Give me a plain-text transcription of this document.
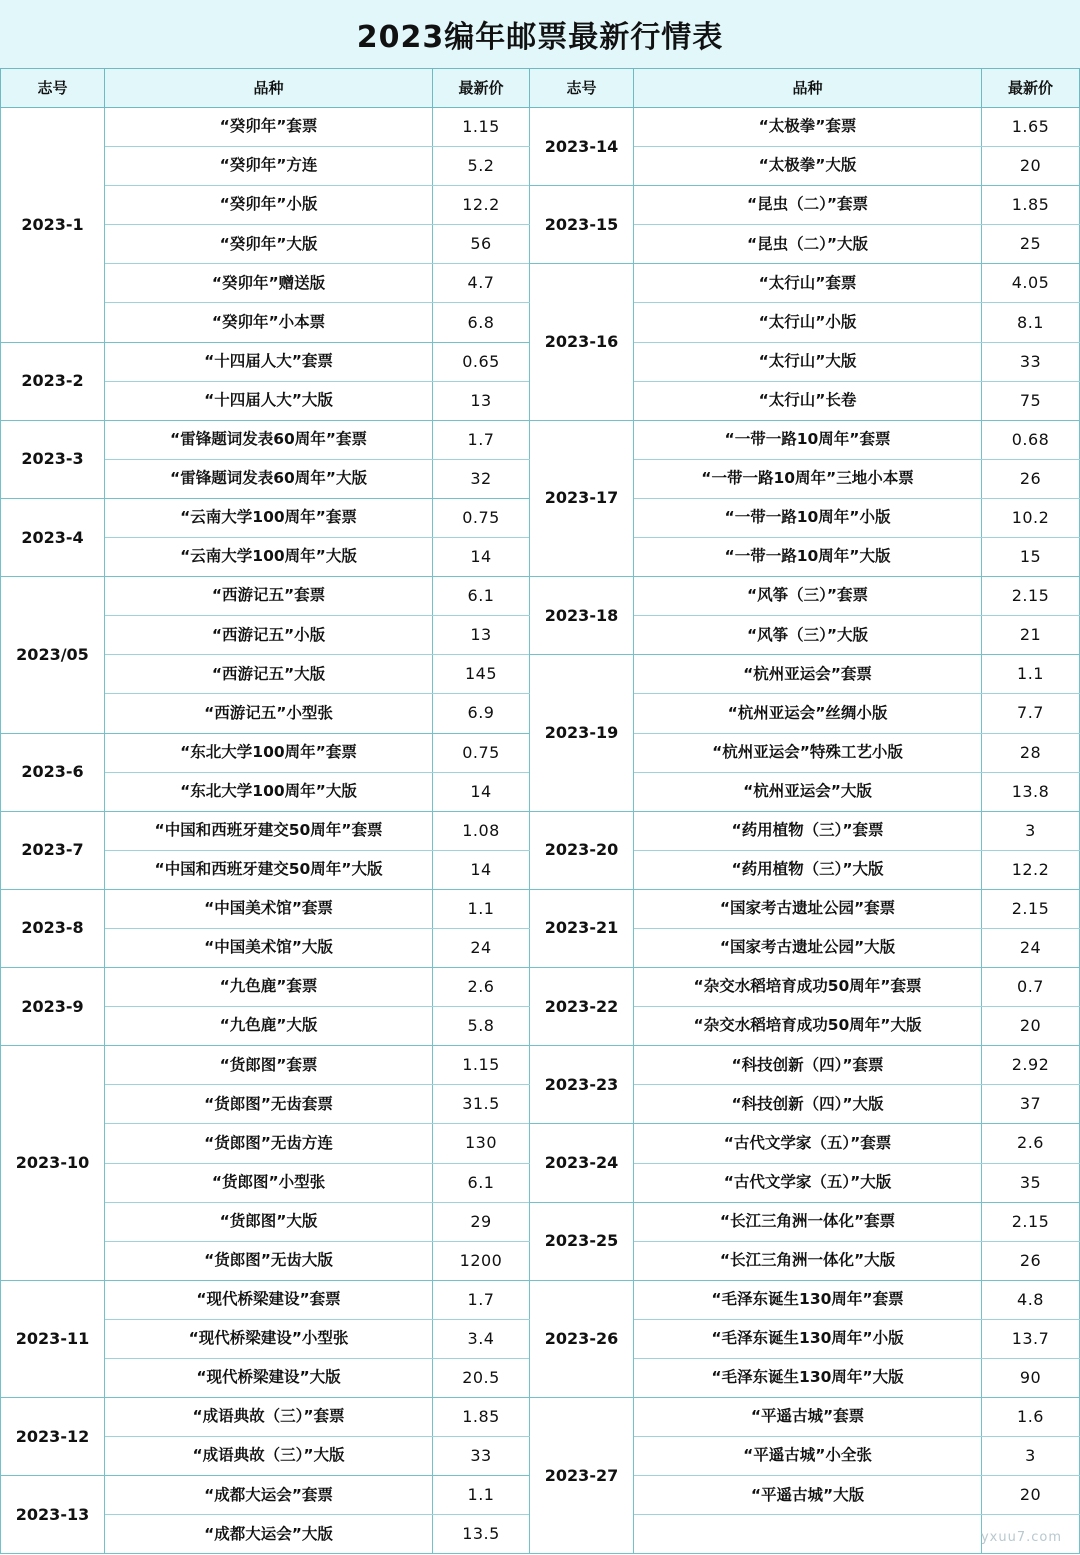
2023编年邮票最新行情表
志号	品种	最新价	志号	品种	最新价
2023-1	“癸卯年”套票	1.15	2023-14	“太极拳”套票	1.65
	“癸卯年”方连	5.2		“太极拳”大版	20
	“癸卯年”小版	12.2	2023-15	“昆虫（二）”套票	1.85
	“癸卯年”大版	56		“昆虫（二）”大版	25
	“癸卯年”赠送版	4.7	2023-16	“太行山”套票	4.05
	“癸卯年”小本票	6.8		“太行山”小版	8.1
2023-2	“十四届人大”套票	0.65		“太行山”大版	33
	“十四届人大”大版	13		“太行山”长卷	75
2023-3	“雷锋题词发表60周年”套票	1.7	2023-17	“一带一路10周年”套票	0.68
	“雷锋题词发表60周年”大版	32		“一带一路10周年”三地小本票	26
2023-4	“云南大学100周年”套票	0.75		“一带一路10周年”小版	10.2
	“云南大学100周年”大版	14		“一带一路10周年”大版	15
2023/05	“西游记五”套票	6.1	2023-18	“风筝（三）”套票	2.15
	“西游记五”小版	13		“风筝（三）”大版	21
	“西游记五”大版	145	2023-19	“杭州亚运会”套票	1.1
	“西游记五”小型张	6.9		“杭州亚运会”丝绸小版	7.7
2023-6	“东北大学100周年”套票	0.75		“杭州亚运会”特殊工艺小版	28
	“东北大学100周年”大版	14		“杭州亚运会”大版	13.8
2023-7	“中国和西班牙建交50周年”套票	1.08	2023-20	“药用植物（三）”套票	3
	“中国和西班牙建交50周年”大版	14		“药用植物（三）”大版	12.2
2023-8	“中国美术馆”套票	1.1	2023-21	“国家考古遗址公园”套票	2.15
	“中国美术馆”大版	24		“国家考古遗址公园”大版	24
2023-9	“九色鹿”套票	2.6	2023-22	“杂交水稻培育成功50周年”套票	0.7
	“九色鹿”大版	5.8		“杂交水稻培育成功50周年”大版	20
2023-10	“货郎图”套票	1.15	2023-23	“科技创新（四）”套票	2.92
	“货郎图”无齿套票	31.5		“科技创新（四）”大版	37
	“货郎图”无齿方连	130	2023-24	“古代文学家（五）”套票	2.6
	“货郎图”小型张	6.1		“古代文学家（五）”大版	35
	“货郎图”大版	29	2023-25	“长江三角洲一体化”套票	2.15
	“货郎图”无齿大版	1200		“长江三角洲一体化”大版	26
2023-11	“现代桥梁建设”套票	1.7	2023-26	“毛泽东诞生130周年”套票	4.8
	“现代桥梁建设”小型张	3.4		“毛泽东诞生130周年”小版	13.7
	“现代桥梁建设”大版	20.5		“毛泽东诞生130周年”大版	90
2023-12	“成语典故（三）”套票	1.85	2023-27	“平遥古城”套票	1.6
	“成语典故（三）”大版	33		“平遥古城”小全张	3
2023-13	“成都大运会”套票	1.1		“平遥古城”大版	20
	“成都大运会”大版	13.5				yxuu7.com
